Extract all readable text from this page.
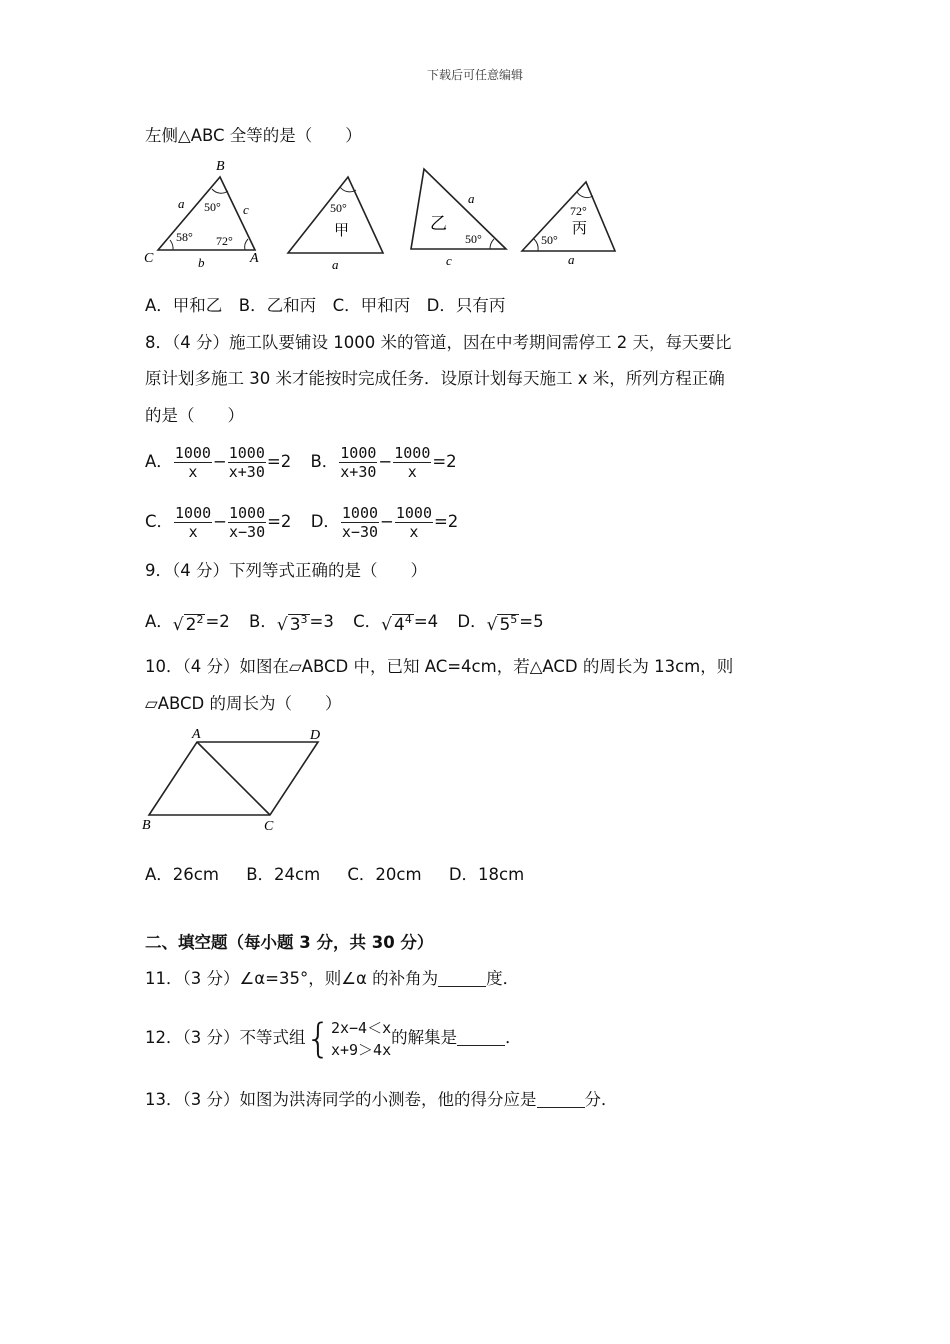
下载后可任意编辑
左侧△ABC 全等的是（　　）
B
C	A
a	c
b
50°
58° 72°
50°
甲
a
乙
a
50°
c
72°
丙
50°
a
A．甲和乙　B．乙和丙　C．甲和丙　D．只有丙
8．（4 分）施工队要铺设 1000 米的管道，因在中考期间需停工 2 天，每天要比
原计划多施工 30 米才能按时完成任务．设原计划每天施工 x 米，所列方程正确
的是（　　）
A． $\frac{1000}{x} - \frac{1000}{x+30} =2$ B． $\frac{1000}{x+30} - \frac{1000}{x} =2$
C． $\frac{1000}{x} - \frac{1000}{x-30} =2$ D． $\frac{1000}{x-30} - \frac{1000}{x} =2$
9．（4 分）下列等式正确的是（　　）
A．√ $2^2 =2$ B．√ $3^3 =3$ C．√ $4^4 =4$ D．√ $5^5 =5$
10．（4 分）如图在▱ABCD 中，已知 AC=4cm，若△ACD 的周长为 13cm，则
▱ABCD 的周长为（　　）
A	D
B	C
A．26cm B．24cm C．20cm D．18cm
二、填空题（每小题 3 分，共 30 分）
11．（3 分）∠α=35°，则∠α 的补角为	度．
12．（3 分）不等式组{ 2x−4＜x
x+9＞4x
的解集是	．
13．（3 分）如图为洪涛同学的小测卷，他的得分应是	分．
